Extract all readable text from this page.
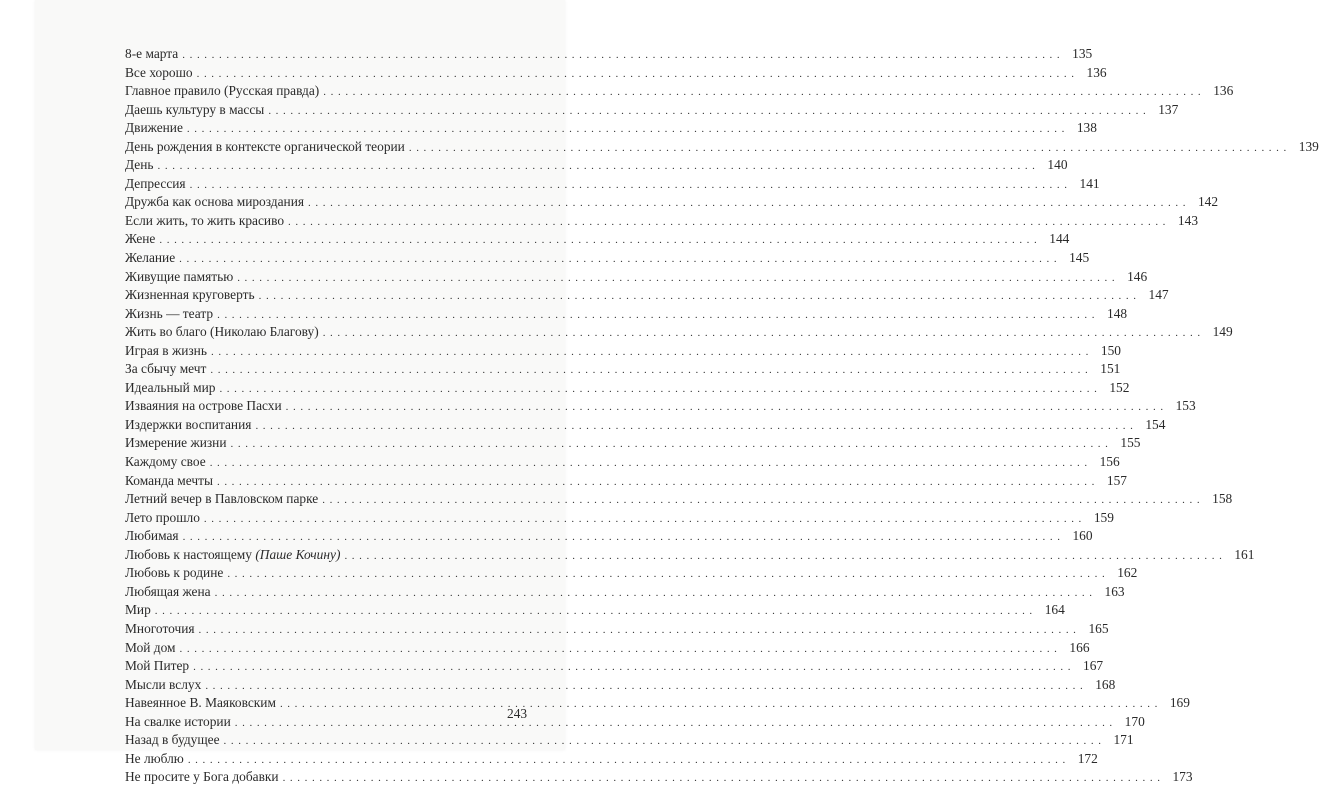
8-е марта ........................................................................................................................ 135
Все хорошо ........................................................................................................................ 136
Главное правило (Русская правда) ........................................................................................................................ 136
Даешь культуру в массы ........................................................................................................................ 137
Движение ........................................................................................................................ 138
День рождения в контексте органической теории ........................................................................................................................ 139
День ........................................................................................................................ 140
Депрессия ........................................................................................................................ 141
Дружба как основа мироздания ........................................................................................................................ 142
Если жить, то жить красиво ........................................................................................................................ 143
Жене ........................................................................................................................ 144
Желание ........................................................................................................................ 145
Живущие памятью ........................................................................................................................ 146
Жизненная круговерть ........................................................................................................................ 147
Жизнь — театр ........................................................................................................................ 148
Жить во благо (Николаю Благову) ........................................................................................................................ 149
Играя в жизнь ........................................................................................................................ 150
За сбычу мечт ........................................................................................................................ 151
Идеальный мир ........................................................................................................................ 152
Изваяния на острове Пасхи ........................................................................................................................ 153
Издержки воспитания ........................................................................................................................ 154
Измерение жизни ........................................................................................................................ 155
Каждому свое ........................................................................................................................ 156
Команда мечты ........................................................................................................................ 157
Летний вечер в Павловском парке ........................................................................................................................ 158
Лето прошло ........................................................................................................................ 159
Любимая ........................................................................................................................ 160
Любовь к настоящему (Паше Кочину) ........................................................................................................................ 161
Любовь к родине ........................................................................................................................ 162
Любящая жена ........................................................................................................................ 163
Мир ........................................................................................................................ 164
Многоточия ........................................................................................................................ 165
Мой дом ........................................................................................................................ 166
Мой Питер ........................................................................................................................ 167
Мысли вслух ........................................................................................................................ 168
Навеянное В. Маяковским ........................................................................................................................ 169
На свалке истории ........................................................................................................................ 170
Назад в будущее ........................................................................................................................ 171
Не люблю ........................................................................................................................ 172
Не просите у Бога добавки ........................................................................................................................ 173
243
